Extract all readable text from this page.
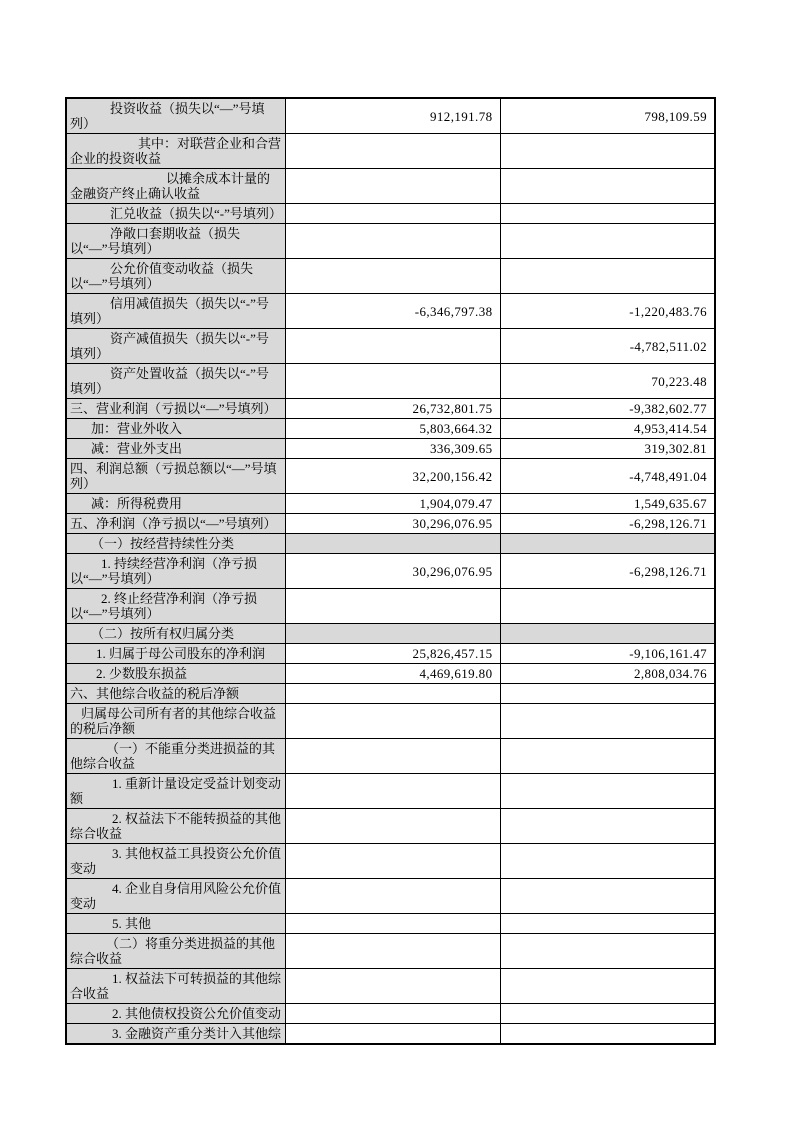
投资收益（损失以“—”号填列）	912,191.78	798,109.59
其中：对联营企业和合营企业的投资收益		
以摊余成本计量的金融资产终止确认收益		
汇兑收益（损失以“-”号填列）		
净敞口套期收益（损失以“—”号填列）		
公允价值变动收益（损失以“—”号填列）		
信用减值损失（损失以“-”号填列）	-6,346,797.38	-1,220,483.76
资产减值损失（损失以“-”号填列）		-4,782,511.02
资产处置收益（损失以“-”号填列）		70,223.48
三、营业利润（亏损以“—”号填列）	26,732,801.75	-9,382,602.77
加：营业外收入	5,803,664.32	4,953,414.54
减：营业外支出	336,309.65	319,302.81
四、利润总额（亏损总额以“—”号填列）	32,200,156.42	-4,748,491.04
减：所得税费用	1,904,079.47	1,549,635.67
五、净利润（净亏损以“—”号填列）	30,296,076.95	-6,298,126.71
（一）按经营持续性分类		
1. 持续经营净利润（净亏损以“—”号填列）	30,296,076.95	-6,298,126.71
2. 终止经营净利润（净亏损以“—”号填列）		
（二）按所有权归属分类		
1. 归属于母公司股东的净利润	25,826,457.15	-9,106,161.47
2. 少数股东损益	4,469,619.80	2,808,034.76
六、其他综合收益的税后净额		
归属母公司所有者的其他综合收益的税后净额		
（一）不能重分类进损益的其他综合收益		
1. 重新计量设定受益计划变动额		
2. 权益法下不能转损益的其他综合收益		
3. 其他权益工具投资公允价值变动		
4. 企业自身信用风险公允价值变动		
5. 其他		
（二）将重分类进损益的其他综合收益		
1. 权益法下可转损益的其他综合收益		
2. 其他债权投资公允价值变动		
3. 金融资产重分类计入其他综		
